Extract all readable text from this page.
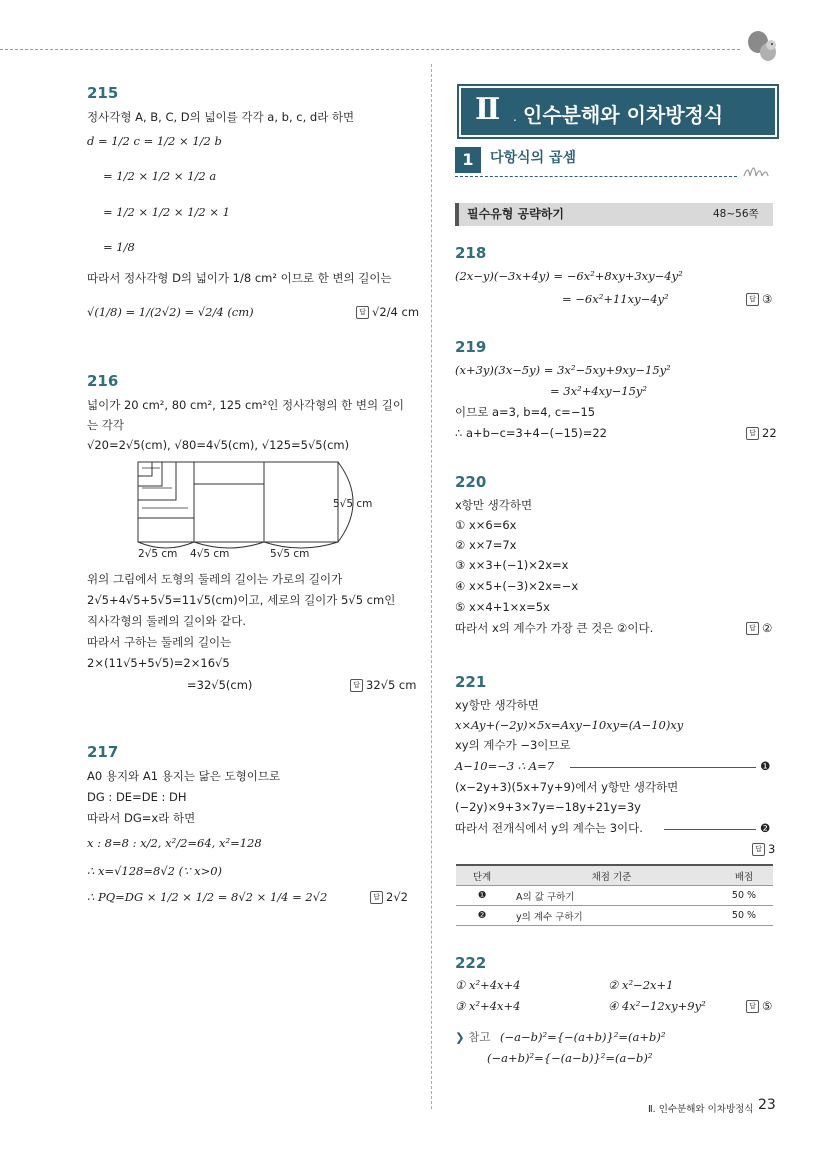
215
정사각형 A, B, C, D의 넓이를 각각 a, b, c, d라 하면
d = 1/2 c = 1/2 × 1/2 b
= 1/2 × 1/2 × 1/2 a
= 1/2 × 1/2 × 1/2 × 1
= 1/8
따라서 정사각형 D의 넓이가 1/8 cm² 이므로 한 변의 길이는
√(1/8) = 1/(2√2) = √2/4 (cm)	답 √2/4 cm
216
넓이가 20 cm², 80 cm², 125 cm²인 정사각형의 한 변의 길이
는 각각
√20=2√5(cm), √80=4√5(cm), √125=5√5(cm)
5√5 cm
2√5 cm 4√5 cm	5√5 cm
위의 그림에서 도형의 둘레의 길이는 가로의 길이가
2√5+4√5+5√5=11√5(cm)이고, 세로의 길이가 5√5 cm인
직사각형의 둘레의 길이와 같다.
따라서 구하는 둘레의 길이는
2×(11√5+5√5)=2×16√5
=32√5(cm)	답 32√5 cm
217
A0 용지와 A1 용지는 닮은 도형이므로
DG : DE=DE : DH
따라서 DG=x라 하면
x : 8=8 : x/2, x²/2=64, x²=128
∴ x=√128=8√2 (∵ x>0)
∴ PQ=DG × 1/2 × 1/2 = 8√2 × 1/4 = 2√2	답 2√2
Ⅱ . 인수분해와 이차방정식
1	다항식의 곱셈
필수유형 공략하기	48~56쪽
218
(2x−y)(−3x+4y) = −6x²+8xy+3xy−4y²
= −6x²+11xy−4y²	답 ③
219
(x+3y)(3x−5y) = 3x²−5xy+9xy−15y²
= 3x²+4xy−15y²
이므로 a=3, b=4, c=−15
∴ a+b−c=3+4−(−15)=22	답 22
220
x항만 생각하면
① x×6=6x
② x×7=7x
③ x×3+(−1)×2x=x
④ x×5+(−3)×2x=−x
⑤ x×4+1×x=5x
따라서 x의 계수가 가장 큰 것은 ②이다.	답 ②
221
xy항만 생각하면
x×Ay+(−2y)×5x=Axy−10xy=(A−10)xy
xy의 계수가 −3이므로
A−10=−3 ∴ A=7	❶
(x−2y+3)(5x+7y+9)에서 y항만 생각하면
(−2y)×9+3×7y=−18y+21y=3y
따라서 전개식에서 y의 계수는 3이다.	❷
답 3
단계	채점 기준	배점
❶	A의 값 구하기	50 %
❷	y의 계수 구하기	50 %
222
① x²+4x+4	② x²−2x+1
③ x²+4x+4	④ 4x²−12xy+9y²	답 ⑤
❯ 참고 (−a−b)²={−(a+b)}²=(a+b)²
(−a+b)²={−(a−b)}²=(a−b)²
Ⅱ. 인수분해와 이차방정식 23
